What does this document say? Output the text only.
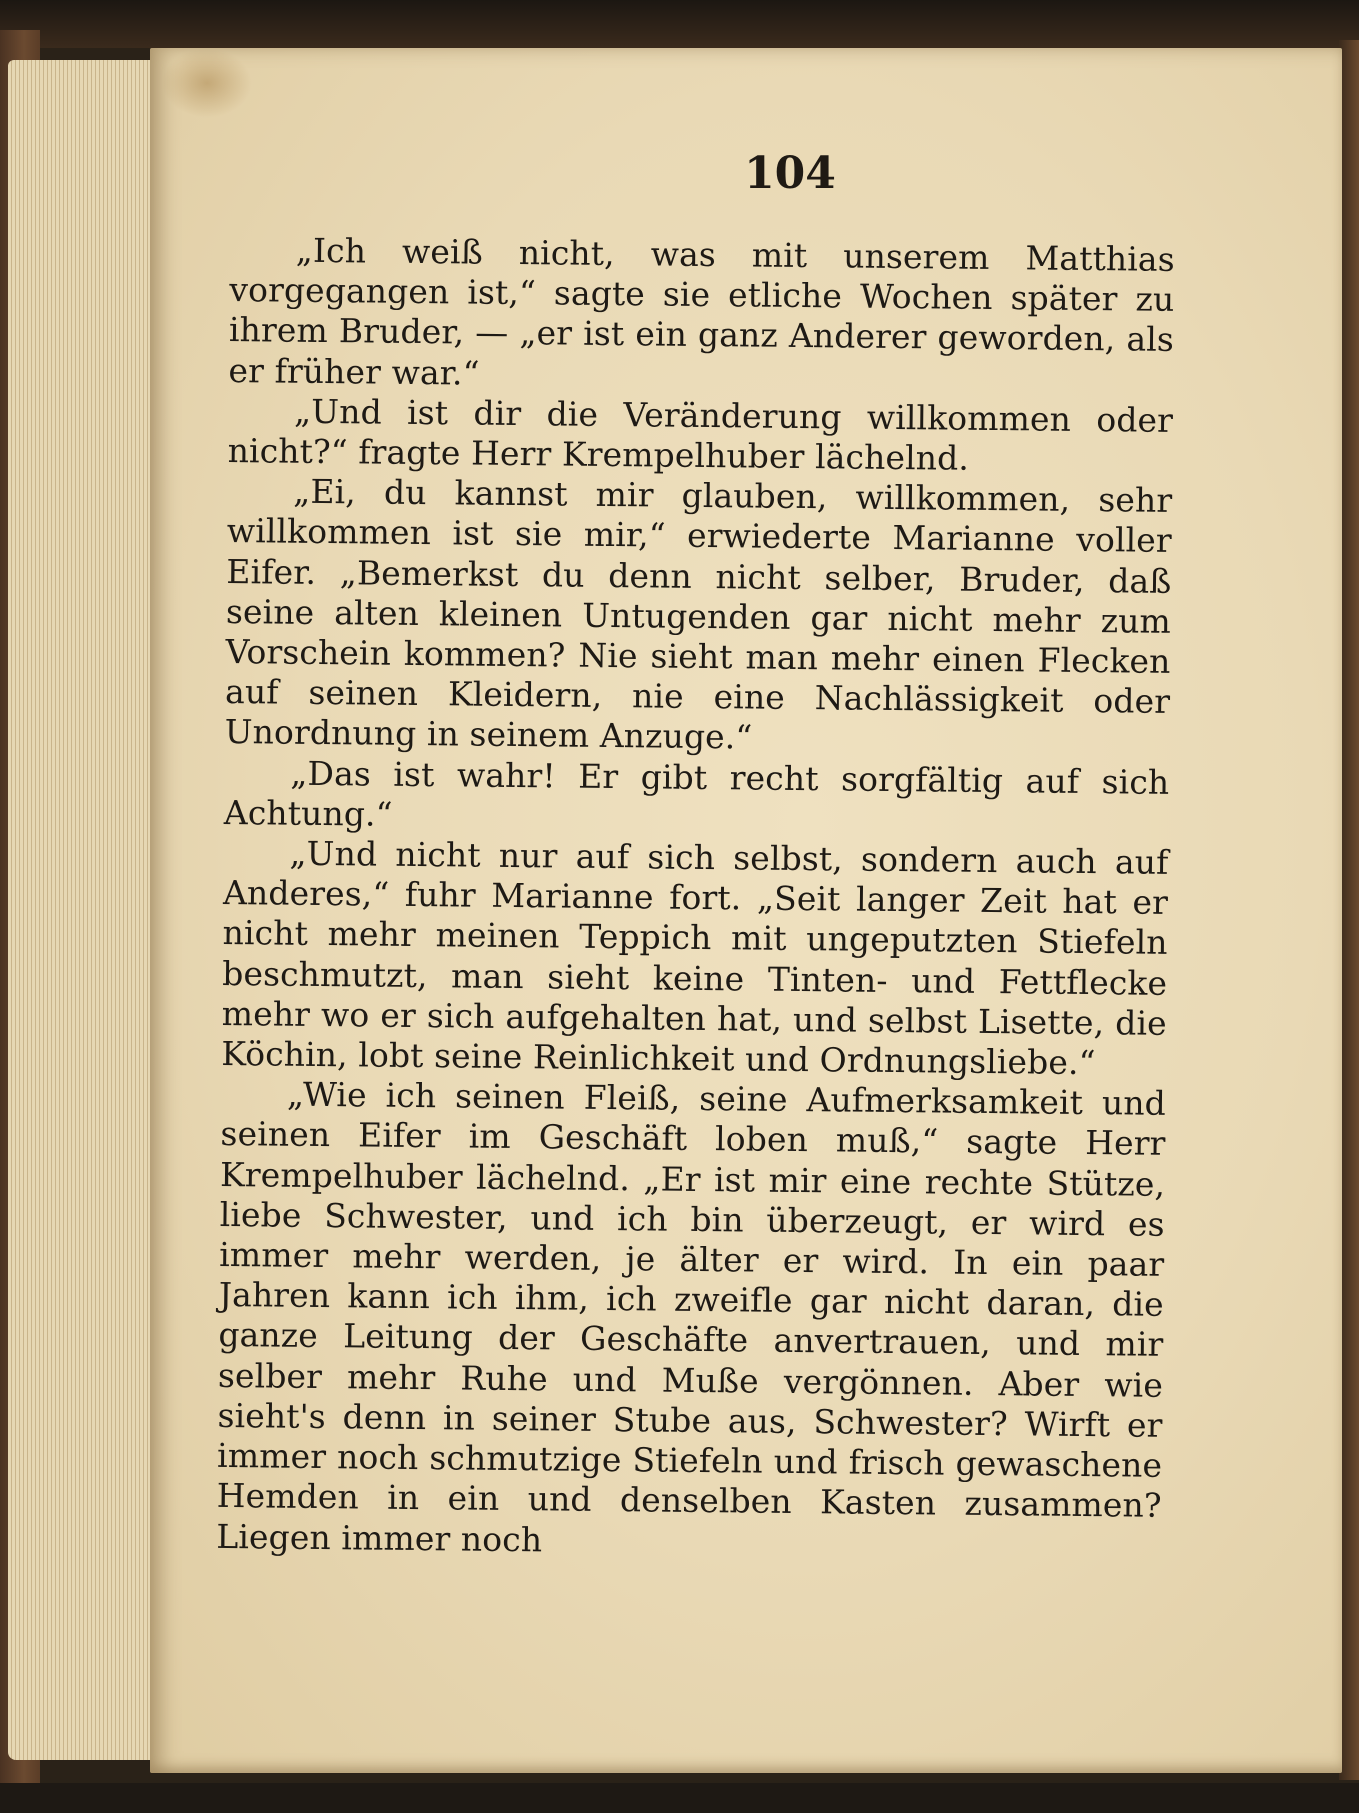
104

„Ich weiß nicht, was mit unserem Matthias vorgegangen ist,“ sagte sie etliche Wochen später zu ihrem Bruder, — „er ist ein ganz Anderer geworden, als er früher war.“

„Und ist dir die Veränderung willkommen oder nicht?“ fragte Herr Krempelhuber lächelnd.

„Ei, du kannst mir glauben, willkommen, sehr willkommen ist sie mir,“ erwiederte Marianne voller Eifer. „Bemerkst du denn nicht selber, Bruder, daß seine alten kleinen Untugenden gar nicht mehr zum Vorschein kommen? Nie sieht man mehr einen Flecken auf seinen Kleidern, nie eine Nachlässigkeit oder Unordnung in seinem Anzuge.“

„Das ist wahr! Er gibt recht sorgfältig auf sich Achtung.“

„Und nicht nur auf sich selbst, sondern auch auf Anderes,“ fuhr Marianne fort. „Seit langer Zeit hat er nicht mehr meinen Teppich mit ungeputzten Stiefeln beschmutzt, man sieht keine Tinten- und Fettflecke mehr wo er sich aufgehalten hat, und selbst Lisette, die Köchin, lobt seine Reinlichkeit und Ordnungsliebe.“

„Wie ich seinen Fleiß, seine Aufmerksamkeit und seinen Eifer im Geschäft loben muß,“ sagte Herr Krempelhuber lächelnd. „Er ist mir eine rechte Stütze, liebe Schwester, und ich bin überzeugt, er wird es immer mehr werden, je älter er wird. In ein paar Jahren kann ich ihm, ich zweifle gar nicht daran, die ganze Leitung der Geschäfte anvertrauen, und mir selber mehr Ruhe und Muße vergönnen. Aber wie sieht's denn in seiner Stube aus, Schwester? Wirft er immer noch schmutzige Stiefeln und frisch gewaschene Hemden in ein und denselben Kasten zusammen? Liegen immer noch
